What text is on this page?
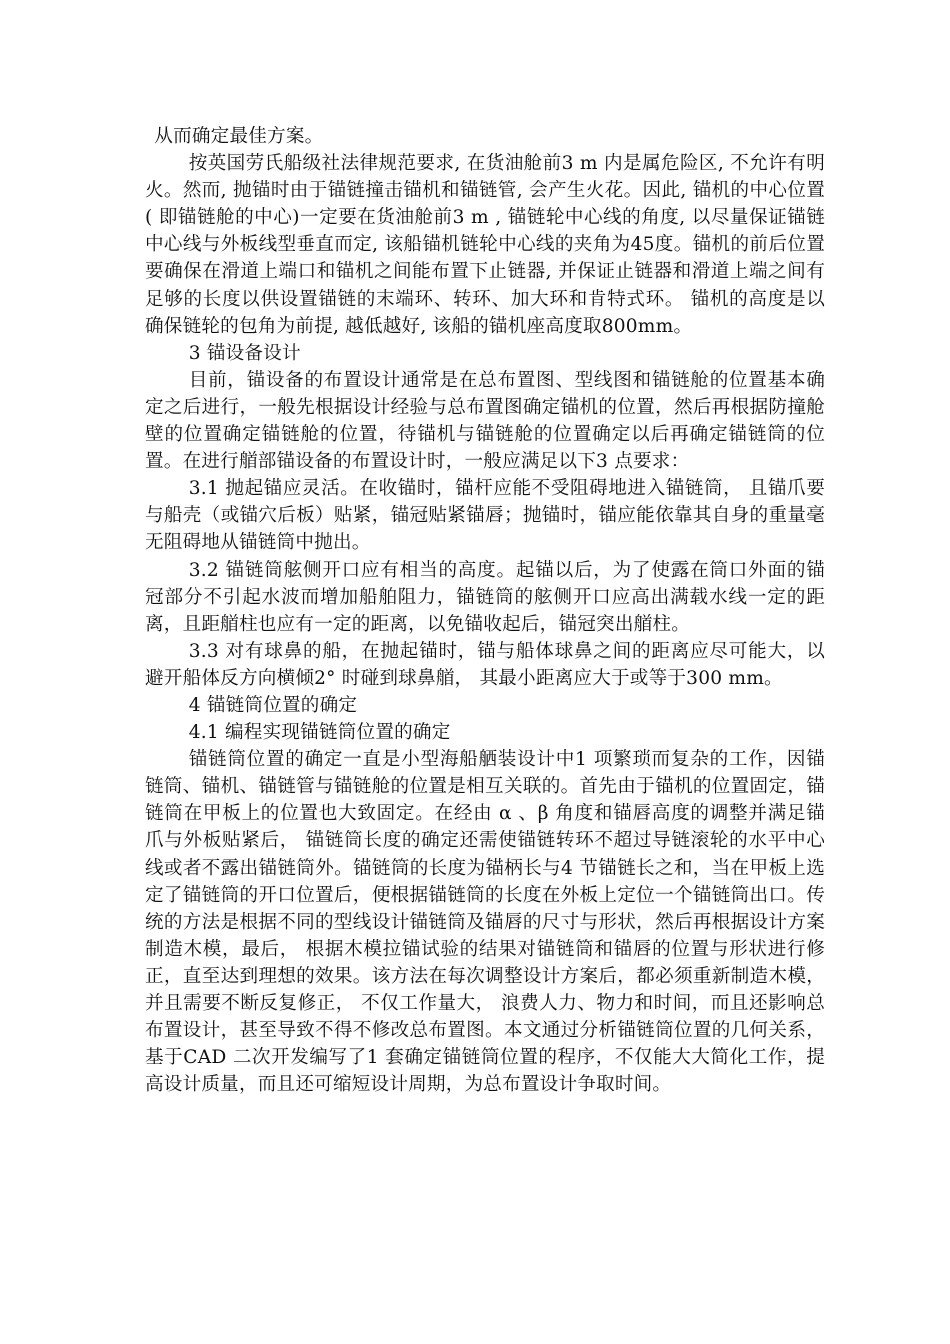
从而确定最佳方案。

按英国劳氏船级社法律规范要求, 在货油舱前3 m 内是属危险区, 不允许有明火。然而, 抛锚时由于锚链撞击锚机和锚链管, 会产生火花。因此, 锚机的中心位置( 即锚链舱的中心)一定要在货油舱前3 m , 锚链轮中心线的角度, 以尽量保证锚链中心线与外板线型垂直而定, 该船锚机链轮中心线的夹角为45度。锚机的前后位置要确保在滑道上端口和锚机之间能布置下止链器, 并保证止链器和滑道上端之间有足够的长度以供设置锚链的末端环、转环、加大环和肯特式环。 锚机的高度是以确保链轮的包角为前提, 越低越好, 该船的锚机座高度取800mm。

3 锚设备设计

目前，锚设备的布置设计通常是在总布置图、型线图和锚链舱的位置基本确定之后进行，一般先根据设计经验与总布置图确定锚机的位置，然后再根据防撞舱壁的位置确定锚链舱的位置，待锚机与锚链舱的位置确定以后再确定锚链筒的位置。在进行艏部锚设备的布置设计时，一般应满足以下3 点要求：

3.1 抛起锚应灵活。在收锚时，锚杆应能不受阻碍地进入锚链筒， 且锚爪要与船壳（或锚穴后板）贴紧，锚冠贴紧锚唇；抛锚时，锚应能依靠其自身的重量毫无阻碍地从锚链筒中抛出。

3.2 锚链筒舷侧开口应有相当的高度。起锚以后，为了使露在筒口外面的锚冠部分不引起水波而增加船舶阻力，锚链筒的舷侧开口应高出满载水线一定的距离，且距艏柱也应有一定的距离，以免锚收起后，锚冠突出艏柱。

3.3 对有球鼻的船，在抛起锚时，锚与船体球鼻之间的距离应尽可能大，以避开船体反方向横倾2° 时碰到球鼻艏， 其最小距离应大于或等于300 mm。

4 锚链筒位置的确定

4.1 编程实现锚链筒位置的确定

锚链筒位置的确定一直是小型海船舾装设计中1 项繁琐而复杂的工作，因锚链筒、锚机、锚链管与锚链舱的位置是相互关联的。首先由于锚机的位置固定，锚链筒在甲板上的位置也大致固定。在经由 α 、β 角度和锚唇高度的调整并满足锚爪与外板贴紧后， 锚链筒长度的确定还需使锚链转环不超过导链滚轮的水平中心线或者不露出锚链筒外。锚链筒的长度为锚柄长与4 节锚链长之和，当在甲板上选定了锚链筒的开口位置后，便根据锚链筒的长度在外板上定位一个锚链筒出口。传统的方法是根据不同的型线设计锚链筒及锚唇的尺寸与形状，然后再根据设计方案制造木模，最后， 根据木模拉锚试验的结果对锚链筒和锚唇的位置与形状进行修正，直至达到理想的效果。该方法在每次调整设计方案后，都必须重新制造木模，并且需要不断反复修正， 不仅工作量大， 浪费人力、物力和时间，而且还影响总布置设计，甚至导致不得不修改总布置图。本文通过分析锚链筒位置的几何关系，基于CAD 二次开发编写了1 套确定锚链筒位置的程序，不仅能大大简化工作，提高设计质量，而且还可缩短设计周期，为总布置设计争取时间。
